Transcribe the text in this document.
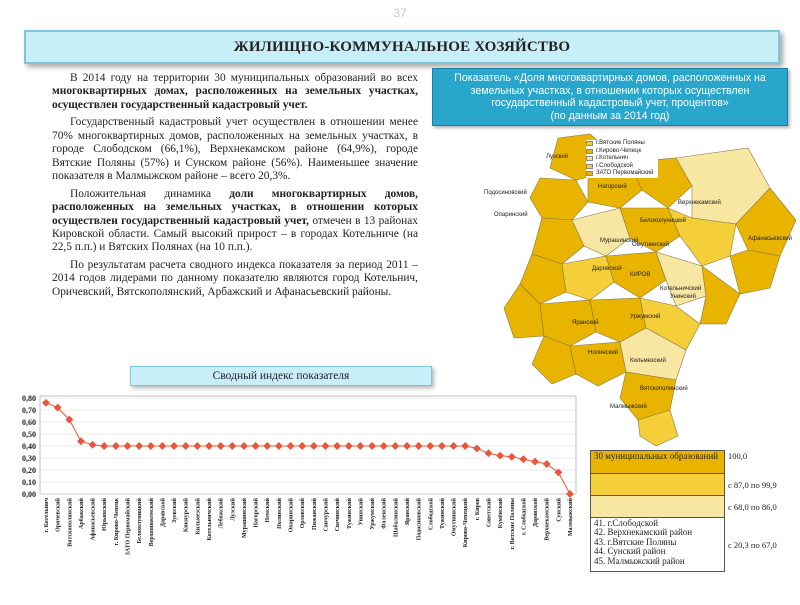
37
ЖИЛИЩНО-КОММУНАЛЬНОЕ ХОЗЯЙСТВО

В 2014 году на территории 30 муниципальных образований во всех многоквартирных домах, расположенных на земельных участках, осуществлен государственный кадастровый учет.

Государственный кадастровый учет осуществлен в отношении менее 70% многоквартирных домов, расположенных на земельных участках, в городе Слободском (66,1%), Верхнекамском районе (64,9%), городе Вятские Поляны (57%) и Сунском районе (56%). Наименьшее значение показателя в Малмыжском районе – всего 20,3%.

Положительная динамика доли многоквартирных домов, расположенных на земельных участках, в отношении которых осуществлен государственный кадастровый учет, отмечен в 13 районах Кировской области. Самый высокий прирост – в городах Котельниче (на 22,5 п.п.) и Вятских Полянах (на 10 п.п.).

По результатам расчета сводного индекса показателя за период 2011 – 2014 годов лидерами по данному показателю являются город Котельнич, Оричевский, Вятскополянский, Арбажский и Афанасьевский районы.

Показатель «Доля многоквартирных домов, расположенных на земельных участках, в отношении которых осуществлен государственный кадастровый учет, процентов»
(по данным за 2014 год)
Лузский
Подосиновский
Опаринский
Верхнекамский
Афанасьевский
Нагорский
Мурашинский
Омутнинский
Белохолуницкий
Даровской
КИРОВ
Котельничский
Уржумский
Яранский
Кильмезский
Малмыжский
Унинский
Нолинский
Вятскополянский
г.Вятские Поляны
г.Кирово-Чепецк
г.Котельнич
г.Слободской
ЗАТО Первомайский
Сводный индекс показателя
0,80
0,70
0,60
0,50
0,40
0,30
0,20
0,10
0,00
г. Котельнич Оричевский Вятскополянский Арбажский Афанасьевский Юрьянский г. Кирово-Чепецк ЗАТО Первомайский Белохолуницкий Верхошижемский Даровской Зуевский Кикнурский Кильмезский Котельничский Лебяжский Лузский Мурашинский Нагорский Немский Нолинский Опаринский Орловский Пижанский Санчурский Свечинский Тужинский Унинский Уржумский Фаленский Шабалинский Яранский Подосиновский Слободской Тужинский Омутнинский Кирово-Чепецкий г. Киров Советский Кумёнский г. Вятские Поляны г. Слободской Даровской Верхнекамский Сунский Малмыжский
30 муниципальных образований	100,0
с 87,0 по 99,9
с 68,0 по 86,0
41. г.Слободской
42. Верхнекамский район
43. г.Вятские Поляны
44. Сунский район
45. Малмыжский район
с 20,3 по 67,0
